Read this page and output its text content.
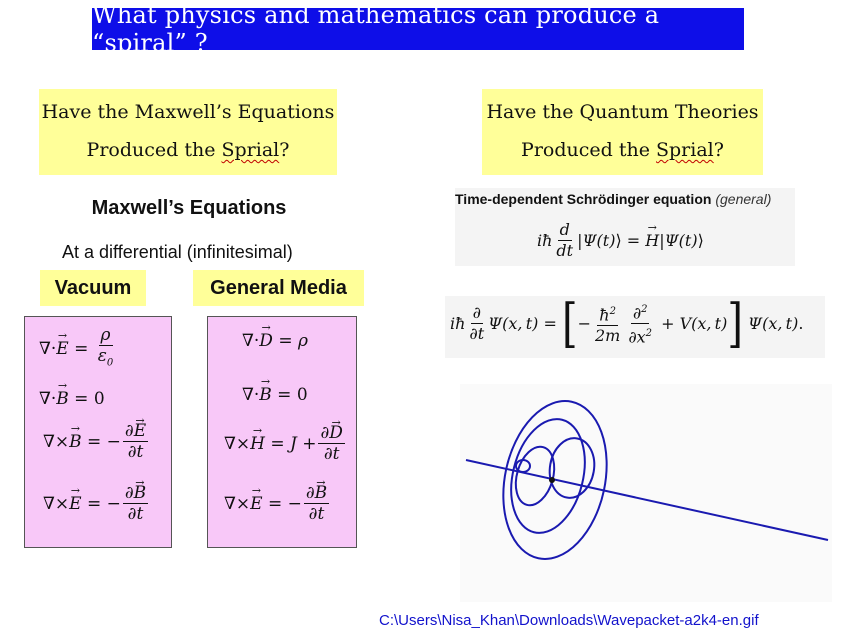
What physics and mathematics can produce a “spiral” ?
Have the Maxwell’s Equations
Produced the Sprial?
Have the Quantum Theories
Produced the Sprial?
Maxwell’s Equations
At a differential (infinitesimal)
Vacuum	General Media
∇ · → $E = \frac{\rho}{\varepsilon_0}$
∇ · → B = 0
∇ × → B = − $\frac{\partial\to E}{\partial t}$
∇ × → E = − $\frac{\partial\to B}{\partial t}$
∇ · → D = ρ
∇ · → B = 0
∇ × → $H = J + \frac{\partial\to D}{\partial t}$
∇ × → E = − $\frac{\partial\to B}{\partial t}$
Time-dependent Schrödinger equation (general)
iħ $\frac{d}{dt}$ | Ψ(t) ⟩ = → H | Ψ(t) ⟩
iħ $\frac{\partial}{\partial t} \Psi(x$, t) = [ − $\frac{ħ^2}{2m} \frac{\partial^2}{\partial x^2} + V(x$, t) ] Ψ(x, t) .
C:\Users\Nisa_Khan\Downloads\Wavepacket-a2k4-en.gif
